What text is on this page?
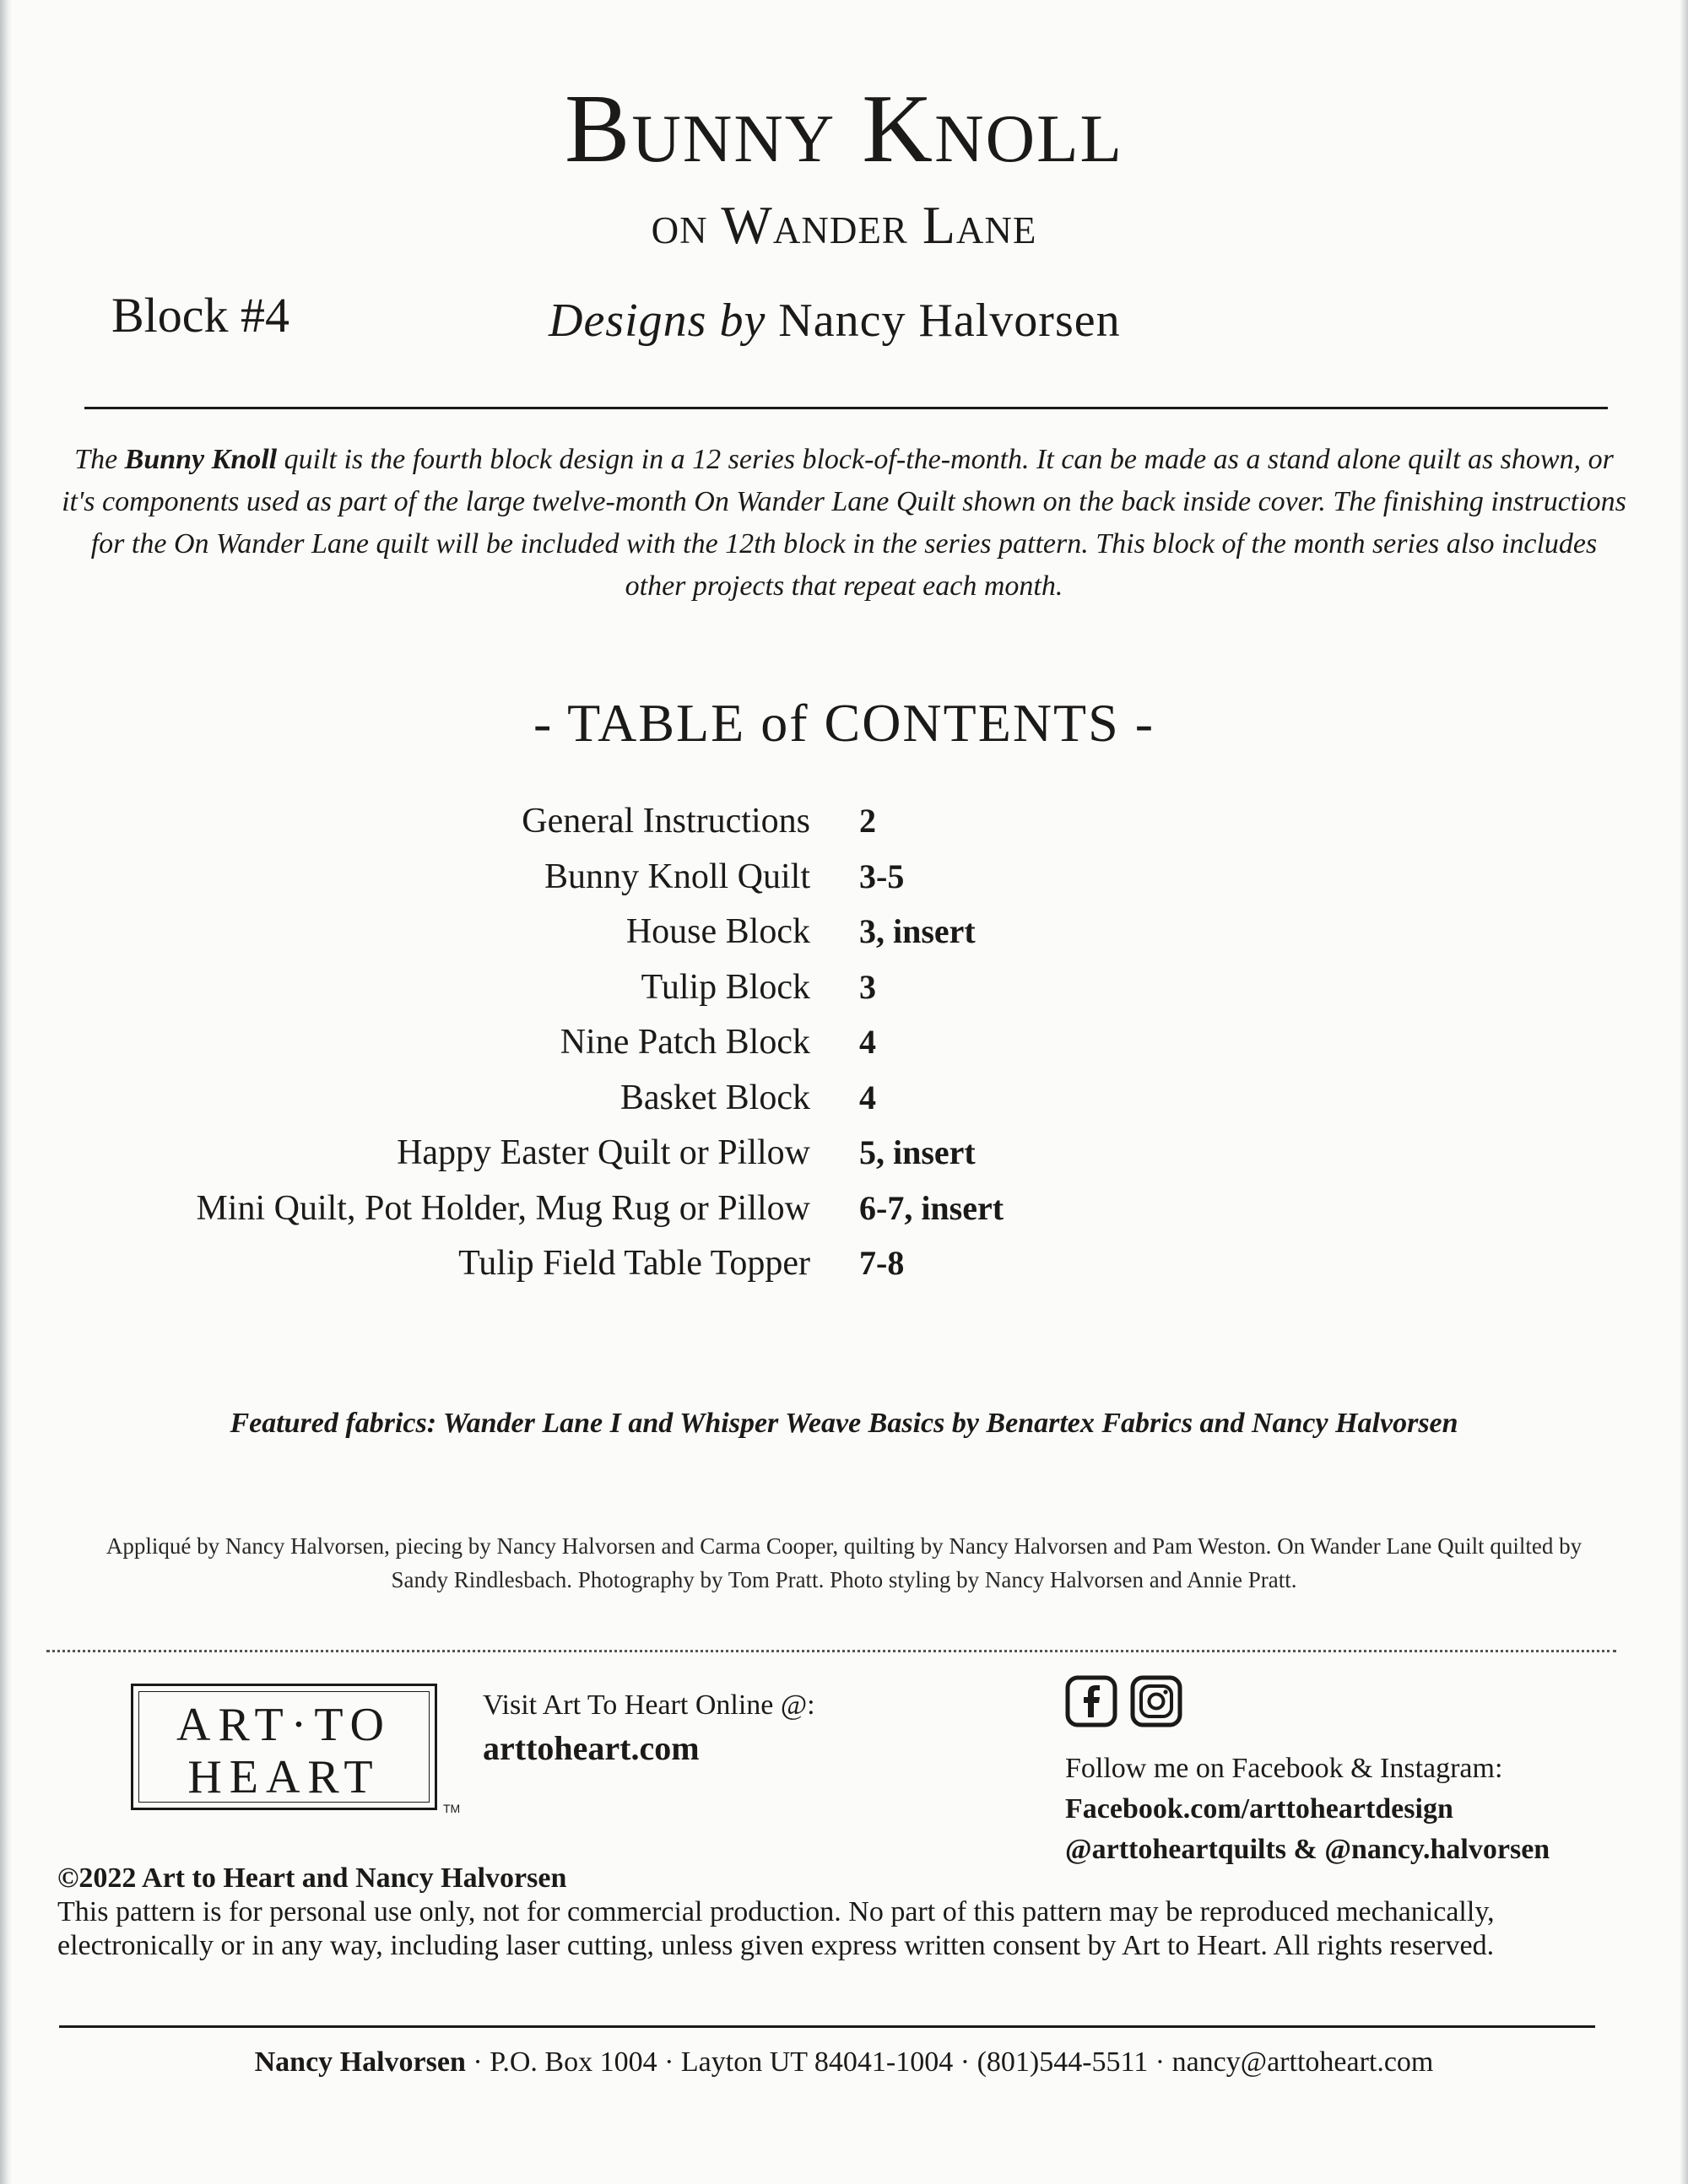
Bunny Knoll
on Wander Lane
Block #4	Designs by Nancy Halvorsen
The Bunny Knoll quilt is the fourth block design in a 12 series block-of-the-month. It can be made as a stand alone quilt as shown, or it's components used as part of the large twelve-month On Wander Lane Quilt shown on the back inside cover. The finishing instructions for the On Wander Lane quilt will be included with the 12th block in the series pattern. This block of the month series also includes other projects that repeat each month.
- TABLE of CONTENTS -
General Instructions 2
Bunny Knoll Quilt 3-5
House Block 3, insert
Tulip Block 3
Nine Patch Block 4
Basket Block 4
Happy Easter Quilt or Pillow 5, insert
Mini Quilt, Pot Holder, Mug Rug or Pillow 6-7, insert
Tulip Field Table Topper 7-8
Featured fabrics: Wander Lane I and Whisper Weave Basics by Benartex Fabrics and Nancy Halvorsen
Appliqué by Nancy Halvorsen, piecing by Nancy Halvorsen and Carma Cooper, quilting by Nancy Halvorsen and Pam Weston. On Wander Lane Quilt quilted by Sandy Rindlesbach. Photography by Tom Pratt. Photo styling by Nancy Halvorsen and Annie Pratt.
ART·TO
HEART
TM
Visit Art To Heart Online @:
arttoheart.com

Follow me on Facebook & Instagram:
Facebook.com/arttoheartdesign
@arttoheartquilts & @nancy.halvorsen
©2022 Art to Heart and Nancy Halvorsen
This pattern is for personal use only, not for commercial production. No part of this pattern may be reproduced mechanically, electronically or in any way, including laser cutting, unless given express written consent by Art to Heart. All rights reserved.
Nancy Halvorsen · P.O. Box 1004 · Layton UT 84041-1004 · (801)544-5511 · nancy@arttoheart.com
